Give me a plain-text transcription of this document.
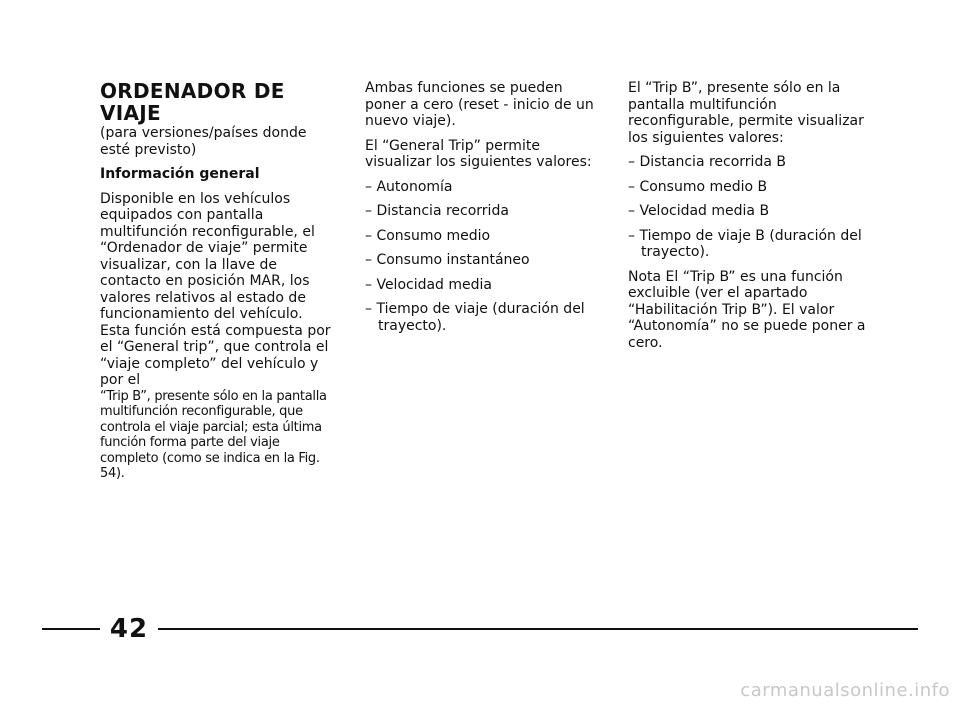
ORDENADOR DE VIAJE

(para versiones/países donde esté previsto)

Información general

Disponible en los vehículos equipados con pantalla multifunción reconfigurable, el “Ordenador de viaje” permite visualizar, con la llave de contacto en posición MAR, los valores relativos al estado de funcionamiento del vehículo. Esta función está compuesta por el “General trip”, que controla el “viaje completo” del vehículo y por el

“Trip B”, presente sólo en la pantalla multifunción reconfigurable, que controla el viaje parcial; esta última función forma parte del viaje completo (como se indica en la Fig. 54).

Ambas funciones se pueden poner a cero (reset - inicio de un nuevo viaje).

El “General Trip” permite visualizar los siguientes valores:

– Autonomía

– Distancia recorrida

– Consumo medio

– Consumo instantáneo

– Velocidad media

– Tiempo de viaje (duración del trayecto).

El “Trip B”, presente sólo en la pantalla multifunción reconfigurable, permite visualizar los siguientes valores:

– Distancia recorrida B

– Consumo medio B

– Velocidad media B

– Tiempo de viaje B (duración del trayecto).

Nota El “Trip B” es una función excluible (ver el apartado “Habilitación Trip B”). El valor “Autonomía” no se puede poner a cero.

42
carmanualsonline.info
